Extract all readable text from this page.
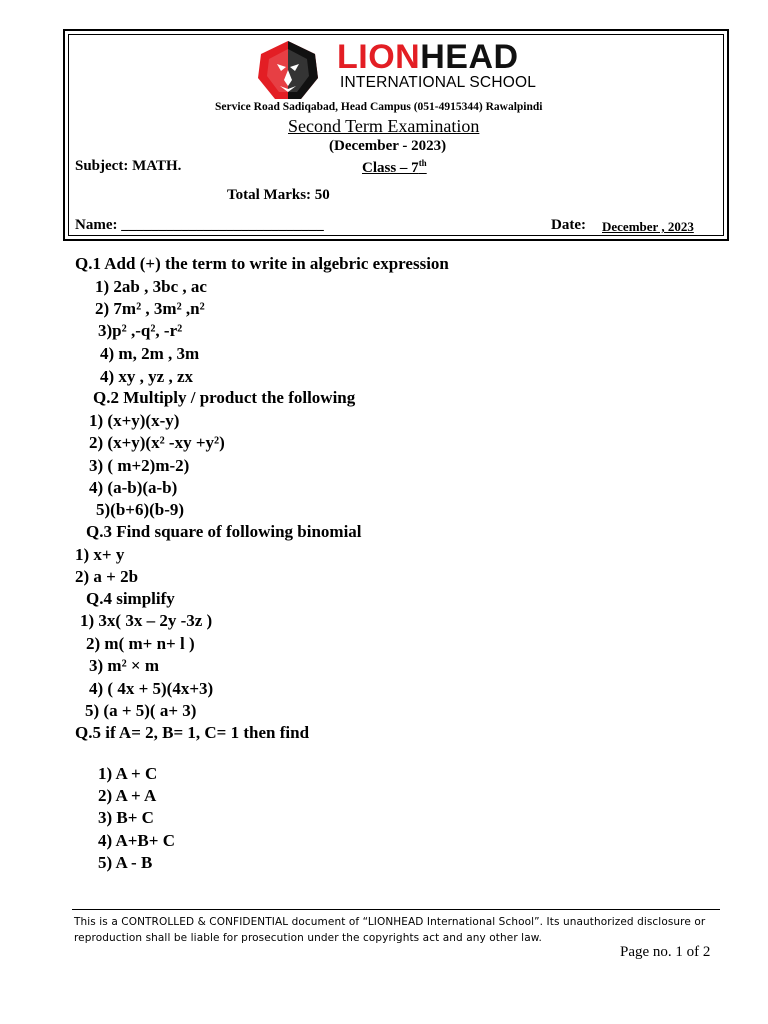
LIONHEAD
INTERNATIONAL SCHOOL
Service Road Sadiqabad, Head Campus (051-4915344) Rawalpindi
Second Term Examination
(December - 2023)
Subject: MATH.	Class – 7th
Total Marks: 50
Name: ___________________________	Date: December , 2023
Q.1 Add (+) the term to write in algebric expression
1) 2ab , 3bc , ac
2) 7m² , 3m² ,n²
3)p² ,-q², -r²
4) m, 2m , 3m
4) xy , yz , zx
Q.2 Multiply / product the following
1) (x+y)(x-y)
2) (x+y)(x² -xy +y²)
3) ( m+2)m-2)
4) (a-b)(a-b)
5)(b+6)(b-9)
Q.3 Find square of following binomial
1) x+ y
2) a + 2b
Q.4 simplify
1) 3x( 3x – 2y -3z )
2) m( m+ n+ l )
3) m² × m
4) ( 4x + 5)(4x+3)
5) (a + 5)( a+ 3)
Q.5 if A= 2, B= 1, C= 1 then find
1) A + C
2) A + A
3) B+ C
4) A+B+ C
5) A - B
This is a CONTROLLED & CONFIDENTIAL document of “LIONHEAD International School”. Its unauthorized disclosure or reproduction shall be liable for prosecution under the copyrights act and any other law.
Page no. 1 of 2
